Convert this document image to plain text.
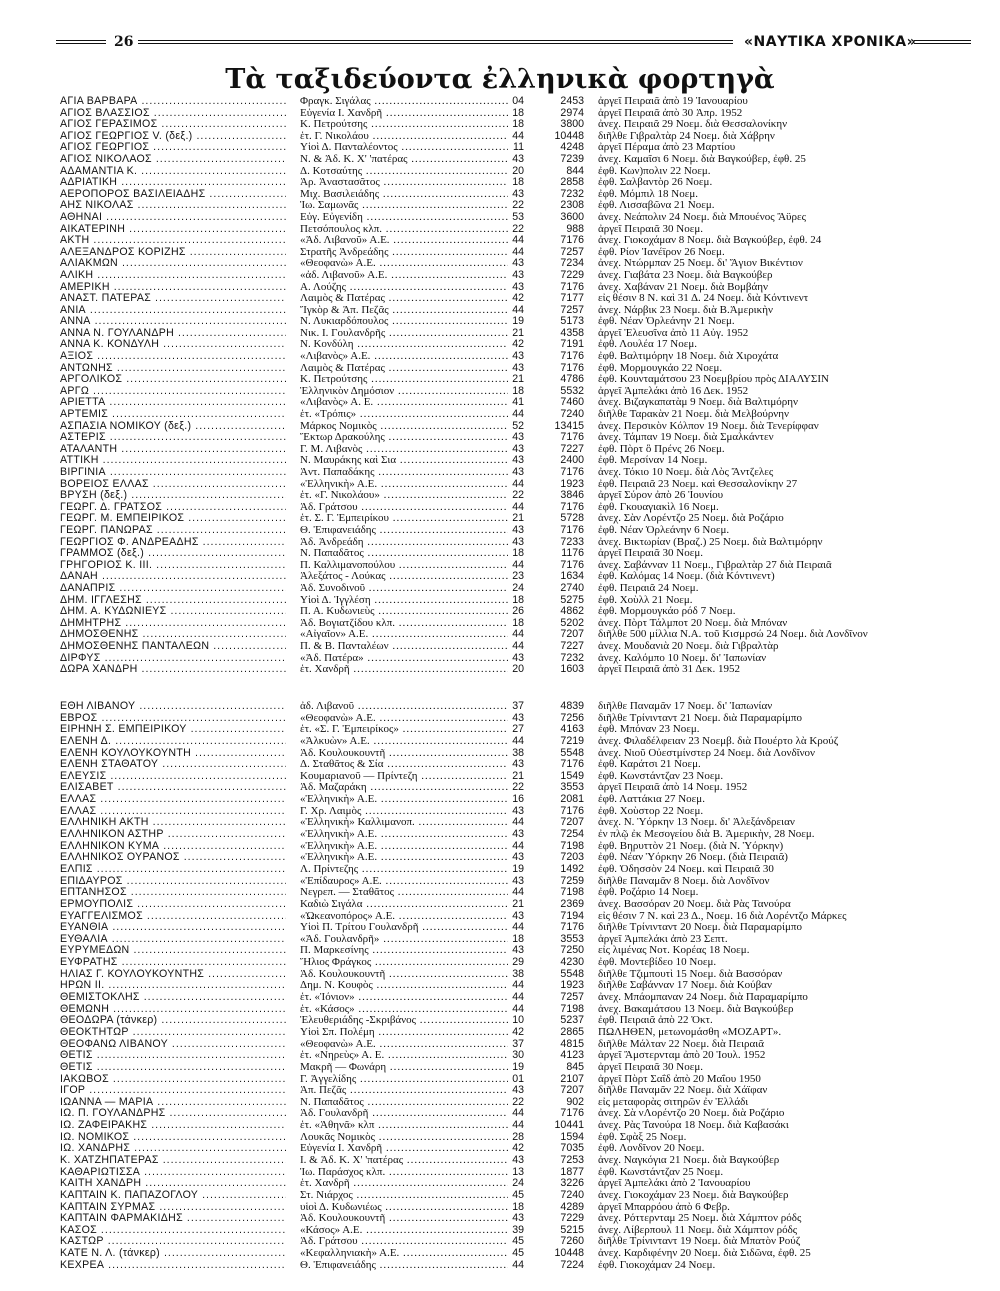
26	«ΝΑΥΤΙΚΑ ΧΡΟΝΙΚΑ»
Τὰ ταξιδεύοντα ἐλληνικὰ φορτηγὰ
ΑΓΙΑ ΒΑΡΒΑΡΑ .....	Φραγκ. Σιγάλας .....	04	2453 ἀργεῖ Πειραιᾶ ἀπὸ 19 Ἰανουαρίου
ΑΓΙΟΣ ΒΛΑΣΣΙΟΣ .....	Εὐγενία Ι. Χανδρῆ .....	18	2974 ἀργεῖ Πειραιᾶ ἀπὸ 30 Ἀπρ. 1952
ΑΓΙΟΣ ΓΕΡΑΣΙΜΟΣ .....	Κ. Πετρούτσης .....	18	3800 ἀνεχ. Πειραιᾶ 29 Νοεμ. διὰ Θεσσαλονίκην
ΑΓΙΟΣ ΓΕΩΡΓΙΟΣ V. (δεξ.) .....	ἑτ. Γ. Νικολάου .....	44	10448 διῆλθε Γιβραλτὰρ 24 Νοεμ. διὰ Χάβρην
ΑΓΙΟΣ ΓΕΩΡΓΙΟΣ .....	Υἱοὶ Δ. Πανταλέοντος .....	11	4248 ἀργεῖ Πέραμα ἀπὸ 23 Μαρτίου
ΑΓΙΟΣ ΝΙΚΟΛΑΟΣ .....	Ν. & Ἀδ. Κ. Χ' 'πατέρας .....	43	7239 ἀνεχ. Καμαῖσι 6 Νοεμ. διὰ Βαγκούβερ, ἐφθ. 25
ΑΔΑΜΑΝΤΙΑ Κ. .....	Δ. Κοτσαύτης .....	20	844 ἐφθ. Κων)πολιν 22 Νοεμ.
ΑΔΡΙΑΤΙΚΗ .....	Ἀρ. Ἀναστασᾶτος .....	18	2858 ἐφθ. Σαλβαντὸρ 26 Νοεμ.
ΑΕΡΟΠΟΡΟΣ ΒΑΣΙΛΕΙΑΔΗΣ .....	Μιχ. Βασιλειάδης .....	43	7232 ἐφθ. Μόμπιλ 18 Νοεμ.
ΑΗΣ ΝΙΚΟΛΑΣ .....	Ἰω. Σαμωνᾶς .....	22	2308 ἐφθ. Λισσαβῶνα 21 Νοεμ.
ΑΘΗΝΑΙ .....	Εὐγ. Εὐγενίδη .....	53	3600 ἀνεχ. Νεάπολιν 24 Νοεμ. διὰ Μπουένος Ἄϋρες
ΑΙΚΑΤΕΡΙΝΗ .....	Πετσόπουλος κλπ. .....	22	988 ἀργεῖ Πειραιᾶ 30 Νοεμ.
ΑΚΤΗ .....	«Ἀδ. Λιβανοῦ» Α.Ε. .....	44	7176 ἀνεχ. Γιοκοχάμαν 8 Νοεμ. διὰ Βαγκούβερ, ἐφθ. 24
ΑΛΕΞΑΝΔΡΟΣ ΚΟΡΙΖΗΣ .....	Στρατῆς Ἀνδρεάδης .....	44	7257 ἐφθ. Ρίον Ἰανέϊρον 26 Νοεμ.
ΑΛΙΑΚΜΩΝ .....	«Θεοφανὼ» Α.Ε. .....	43	7234 ἀνεχ. Ντώρμπαν 25 Νοεμ. δι' Ἅγιον Βικέντιον
ΑΛΙΚΗ .....	«ἀδ. Λιβανοῦ» Α.Ε. .....	43	7229 ἀνεχ. Γιαβάτα 23 Νοεμ. διὰ Βαγκούβερ
ΑΜΕΡΙΚΗ .....	Α. Λούζης .....	43	7176 ἀνεχ. Χαβάναν 21 Νοεμ. διὰ Βομβάην
ΑΝΑΣΤ. ΠΑΤΕΡΑΣ .....	Λαιμὸς & Πατέρας .....	42	7177 εἰς θέσιν 8 Ν. καὶ 31 Δ. 24 Νοεμ. διὰ Κόντινεντ
ΑΝΙΑ .....	Ἴγκὸρ & Ἀπ. Πεζᾶς .....	44	7257 ἀνεχ. Νάρβικ 23 Νοεμ. διὰ Β.Ἀμερικὴν
ΑΝΝΑ .....	Ν. Λυκιαρδόπουλος .....	19	5173 ἐφθ. Νέαν Ὀρλεάνην 21 Νοεμ.
ΑΝΝΑ Ν. ΓΟΥΛΑΝΔΡΗ .....	Νικ. Ι. Γουλανδρῆς .....	21	4358 ἀργεῖ Ἐλευσῖνα ἀπὸ 11 Αὐγ. 1952
ΑΝΝΑ Κ. ΚΟΝΔΥΛΗ .....	Ν. Κονδύλη .....	42	7191 ἐφθ. Λουλέα 17 Νοεμ.
ΑΞΙΟΣ .....	«Λιβανὸς» Α.Ε. .....	43	7176 ἐφθ. Βαλτιμόρην 18 Νοεμ. διὰ Χιροχάτα
ΑΝΤΩΝΗΣ .....	Λαιμὸς & Πατέρας .....	43	7176 ἐφθ. Μορμουγκάο 22 Νοεμ.
ΑΡΓΟΛΙΚΟΣ .....	Κ. Πετρούτσης .....	21	4786 ἐφθ. Κουνταμάτσου 23 Νοεμβρίου πρὸς ΔΙΑΛΥΣΙΝ
ΑΡΓΩ .....	Ἑλληνικὸν Δημόσιον .....	18	5532 ἀργεῖ Ἀμπελάκι ἀπὸ 16 Δεκ. 1952
ΑΡΙΕΤΤΑ .....	«Λιβανὸς» Α. Ε. .....	41	7460 ἀνεχ. Βιζαγκαπατὰμ 9 Νοεμ. διὰ Βαλτιμόρην
ΑΡΤΕΜΙΣ .....	ἑτ. «Τρόπις» .....	44	7240 διῆλθε Ταρακὰν 21 Νοεμ. διὰ Μελβούρνην
ΑΣΠΑΣΙΑ ΝΟΜΙΚΟΥ (δεξ.) .....	Μάρκος Νομικὸς .....	52	13415 ἀνεχ. Περσικὸν Κόλπον 19 Νοεμ. διὰ Τενερίφφαν
ΑΣΤΕΡΙΣ .....	Ἕκτωρ Δρακούλης .....	43	7176 ἀνεχ. Τάμπαν 19 Νοεμ. διὰ Σμαλκάντεν
ΑΤΑΛΑΝΤΗ .....	Γ. Μ. Λιβανὸς .....	43	7227 ἐφθ. Πὸρτ ὃ Πρένς 26 Νοεμ.
ΑΤΤΙΚΗ .....	Ν. Μαυράκης καὶ Σια .....	43	2400 ἐφθ. Μερσίναν 14 Νοεμ.
ΒΙΡΓΙΝΙΑ .....	Ἀντ. Παπαδάκης .....	43	7176 ἀνεχ. Τόκιο 10 Νοεμ. διὰ Λὸς Ἄντζελες
ΒΟΡΕΙΟΣ ΕΛΛΑΣ .....	«Ἑλληνικὴ» Α.Ε. .....	44	1923 ἐφθ. Πειραιᾶ 23 Νοεμ. καὶ Θεσσαλονίκην 27
ΒΡΥΣΗ (δεξ.) .....	ἑτ. «Γ. Νικολάου» .....	22	3846 ἀργεῖ Σύρον ἀπὸ 26 Ἰουνίου
ΓΕΩΡΓ. Δ. ΓΡΑΤΣΟΣ .....	Ἀδ. Γράτσου .....	44	7176 ἐφθ. Γκουαγιακὶλ 16 Νοεμ.
ΓΕΩΡΓ. Μ. ΕΜΠΕΙΡΙΚΟΣ .....	ἑτ. Σ. Γ. Ἐμπειρίκου .....	21	5728 ἀνεχ. Σὰν Λορέντζο 25 Νοεμ. διὰ Ροζάριο
ΓΕΩΡΓ. ΠΑΝΩΡΑΣ .....	Θ. Ἐπιφανειάδης .....	43	7176 ἐφθ. Νέαν Ὀρλεάνην 6 Νοεμ.
ΓΕΩΡΓΙΟΣ Φ. ΑΝΔΡΕΑΔΗΣ .....	Ἀδ. Ἀνδρεάδη .....	43	7233 ἀνεχ. Βικτωρίαν (Βραζ.) 25 Νοεμ. διὰ Βαλτιμόρην
ΓΡΑΜΜΟΣ (δεξ.) .....	Ν. Παπαδᾶτος .....	18	1176 ἀργεῖ Πειραιᾶ 30 Νοεμ.
ΓΡΗΓΟΡΙΟΣ Κ. ΙΙΙ. .....	Π. Καλλιμανοπούλου .....	44	7176 ἀνεχ. Σαβάνναν 11 Νοεμ., Γιβραλτὰρ 27 διὰ Πειραιᾶ
ΔΑΝΑΗ .....	Ἀλεξάτος - Λούκας .....	23	1634 ἐφθ. Καλόμας 14 Νοεμ. (διὰ Κόντινεντ)
ΔΑΝΑΠΡΙΣ .....	Ἀδ. Συνοδινοῦ .....	24	2740 ἐφθ. Πειραιᾶ 24 Νοεμ.
ΔΗΜ. ΙΓΓΛΕΣΗΣ .....	Υἱοὶ Δ. Ἰγγλέση .....	18	5275 ἐφθ. Χοὺλλ 21 Νοεμ.
ΔΗΜ. Α. ΚΥΔΩΝΙΕΥΣ .....	Π. Α. Κυδωνιεὺς .....	26	4862 ἐφθ. Μορμουγκάο ρόδ 7 Νοεμ.
ΔΗΜΗΤΡΗΣ .....	Ἀδ. Βογιατζίδου κλπ. .....	18	5202 ἀνεχ. Πὸρτ Τάλμποτ 20 Νοεμ. διὰ Μπόναν
ΔΗΜΟΣΘΕΝΗΣ .....	«Αἰγαῖον» Α.Ε. .....	44	7207 διῆλθε 500 μίλλια Ν.Α. τοῦ Κισμρσώ 24 Νοεμ. διὰ Λονδῖνον
ΔΗΜΟΣΘΕΝΗΣ ΠΑΝΤΑΛΕΩΝ .....	Π. & Β. Πανταλέων .....	44	7227 ἀνεχ. Μουδανιὰ 20 Νοεμ. διὰ Γιβραλτὰρ
ΔΙΡΦΥΣ .....	«Ἀδ. Πατέρα» .....	43	7232 ἀνεχ. Καλόμπο 10 Νοεμ. δι' Ἰαπωνίαν
ΔΩΡΑ ΧΑΝΔΡΗ .....	ἑτ. Χανδρῆ .....	20	1603 ἀργεῖ Πειραιᾶ ἀπὸ 31 Δεκ. 1952
ΕΘΗ ΛΙΒΑΝΟΥ .....	ἀδ. Λιβανοῦ .....	37	4839 διῆλθε Παναμᾶν 17 Νοεμ. δι' Ἰαπωνίαν
ΕΒΡΟΣ .....	«Θεοφανὼ» Α.Ε. .....	43	7256 διῆλθε Τρίνινταντ 21 Νοεμ. διὰ Παραμαρίμπο
ΕΙΡΗΝΗ Σ. ΕΜΠΕΙΡΙΚΟΥ .....	ἑτ. «Σ. Γ. Ἐμπειρίκος» .....	27	4163 ἐφθ. Μπόναν 23 Νοεμ.
ΕΛΕΝΗ Δ. .....	«Ἀλκυὼν» Α.Ε. .....	44	7219 ἀνεχ. Φιλαδέλφειαν 23 Νοεμβ. διὰ Πουέρτο λὰ Κρούζ
ΕΛΕΝΗ ΚΟΥΛΟΥΚΟΥΝΤΗ .....	Ἀδ. Κουλουκουντῆ .....	38	5548 ἀνεχ. Νιοῦ Οὐεστμίνστερ 24 Νοεμ. διὰ Λονδῖνον
ΕΛΕΝΗ ΣΤΑΘΑΤΟΥ .....	Δ. Σταθᾶτος & Σία .....	43	7176 ἐφθ. Καράτσι 21 Νοεμ.
ΕΛΕΥΣΙΣ .....	Κουμαριανοῦ — Πρίντεζη .....	21	1549 ἐφθ. Κωνστάντζαν 23 Νοεμ.
ΕΛΙΣΑΒΕΤ .....	Ἀδ. Μαζαράκη .....	22	3553 ἀργεῖ Πειραιᾶ ἀπὸ 14 Νοεμ. 1952
ΕΛΛΑΣ .....	«Ἑλληνικὴ» Α.Ε. .....	16	2081 ἐφθ. Λαττάκια 27 Νοεμ.
ΕΛΛΑΣ .....	Γ. Χρ. Λαιμὸς .....	43	7176 ἐφθ. Χοὺστορ 22 Νοεμ.
ΕΛΛΗΝΙΚΗ ΑΚΤΗ .....	«Ἑλληνικὴ» Καλλιμανοπ. .....	44	7207 ἀνεχ. Ν. Ὑόρκην 13 Νοεμ. δι' Ἀλεξάνδρειαν
ΕΛΛΗΝΙΚΟΝ ΑΣΤΗΡ .....	«Ἑλληνικὴ» Α.Ε. .....	43	7254 ἐν πλῷ ἐκ Μεσογείου διὰ Β. Ἀμερικὴν, 28 Νοεμ.
ΕΛΛΗΝΙΚΟΝ ΚΥΜΑ .....	«Ἑλληνικὴ» Α.Ε. .....	44	7198 ἐφθ. Βηρυττὸν 21 Νοεμ. (διὰ Ν. Ὑόρκην)
ΕΛΛΗΝΙΚΟΣ ΟΥΡΑΝΟΣ .....	«Ἑλληνικὴ» Α.Ε. .....	43	7203 ἐφθ. Νέαν Ὑόρκην 26 Νοεμ. (διὰ Πειραιᾶ)
ΕΛΠΙΣ .....	Λ. Πρίντεζης .....	19	1492 ἐφθ. Ὀδησσὸν 24 Νοεμ. καὶ Πειραιᾶ 30
ΕΠΙΔΑΥΡΟΣ .....	«Ἐπίδαυρος» Α.Ε. .....	43	7259 διῆλθε Παναμᾶν 8 Νοεμ. διὰ Λονδῖνον
ΕΠΤΑΝΗΣΟΣ .....	Νεγρεπ. — Σταθᾶτος .....	44	7198 ἐφθ. Ροζάριο 14 Νοεμ.
ΕΡΜΟΥΠΟΛΙΣ .....	Καδιὼ Σιγάλα .....	21	2369 ἀνεχ. Βασσόραν 20 Νοεμ. διὰ Ρὰς Τανούρα
ΕΥΑΓΓΕΛΙΣΜΟΣ .....	«Ὠκεανοπόρος» Α.Ε. .....	43	7194 εἰς θέσιν 7 Ν. καὶ 23 Δ., Νοεμ. 16 διὰ Λορέντζο Μάρκες
ΕΥΑΝΘΙΑ .....	Υἱοὶ Π. Τρίτου Γουλανδρῆ .....	44	7176 διῆλθε Τρίνινταντ 20 Νοεμ. διὰ Παραμαρίμπο
ΕΥΘΑΛΙΑ .....	«Ἀδ. Γουλανδρῆ» .....	18	3553 ἀργεῖ Ἀμπελάκι ἀπὸ 23 Σεπτ.
ΕΥΡΥΜΕΔΩΝ .....	Π. Μαρκεσίνης .....	43	7250 εἰς λιμένας Νοτ. Κορέας 18 Νοεμ.
ΕΥΦΡΑΤΗΣ .....	Ἥλιος Φράγκος .....	29	4230 ἐφθ. Μοντεβίδεο 10 Νοεμ.
ΗΛΙΑΣ Γ. ΚΟΥΛΟΥΚΟΥΝΤΗΣ .....	Ἀδ. Κουλουκουντῆ .....	38	5548 διῆλθε Τζιμπουτὶ 15 Νοεμ. διὰ Βασσόραν
ΗΡΩΝ ΙΙ. .....	Δημ. Ν. Κουφὸς .....	44	1923 διῆλθε Σαβάνναν 17 Νοεμ. διὰ Κούβαν
ΘΕΜΙΣΤΟΚΛΗΣ .....	ἑτ. «Ἰόνιον» .....	44	7257 ἀνεχ. Μπάομπαναν 24 Νοεμ. διὰ Παραμαρίμπο
ΘΕΜΩΝΗ .....	ἑτ. «Κάσος» .....	44	7198 ἀνεχ. Βακαμάτσου 13 Νοεμ. διὰ Βαγκούβερ
ΘΕΟΔΩΡΑ (τάνκερ) .....	Ἐλευθεριάδης -Σκριβάνος .....	10	5237 ἐφθ. Πειραιᾶ ἀπὸ 22 Ὀκτ.
ΘΕΟΚΤΗΤΩΡ .....	Υἱοὶ Σπ. Πολέμη .....	42	2865 ΠΩΛΗΘΕΝ, μετωνομάσθη «ΜΟΖΑΡΤ».
ΘΕΟΦΑΝΩ ΛΙΒΑΝΟΥ .....	«Θεοφανὼ» Α.Ε. .....	37	4815 διῆλθε Μάλταν 22 Νοεμ. διὰ Πειραιᾶ
ΘΕΤΙΣ .....	ἑτ. «Νηρεὺς» Α. Ε. .....	30	4123 ἀργεῖ Ἄμστερνταμ ἀπὸ 20 Ἰουλ. 1952
ΘΕΤΙΣ .....	Μακρῆ — Φωνάρη .....	19	845 ἀργεῖ Πειραιᾶ 30 Νοεμ.
ΙΑΚΩΒΟΣ .....	Γ. Ἀγγελίδης .....	01	2107 ἀργεῖ Πὸρτ Σαΐδ ἀπὸ 20 Μαΐου 1950
ΙΓΟΡ .....	Ἀπ. Πεζᾶς .....	43	7207 διῆλθε Παναμᾶν 22 Νοεμ. διὰ Χάϊφαν
ΙΩΑΝΝΑ — ΜΑΡΙΑ .....	Ν. Παπαδᾶτος .....	22	902 εἰς μεταφορὰς σιτηρῶν ἐν Ἑλλάδι
ΙΩ. Π. ΓΟΥΛΑΝΔΡΗΣ .....	Ἀδ. Γουλανδρῆ .....	44	7176 ἀνεχ. Σὰ νΛορέντζο 20 Νοεμ. διὰ Ροζάριο
ΙΩ. ΖΑΦΕΙΡΑΚΗΣ .....	ἑτ. «Ἀθηνᾶ» κλπ .....	44	10441 ἀνεχ. Ρὰς Τανούρα 18 Νοεμ. διὰ Καβασάκι
ΙΩ. ΝΟΜΙΚΟΣ .....	Λουκᾶς Νομικὸς .....	28	1594 ἐφθ. Σφὰξ 25 Νοεμ.
ΙΩ. ΧΑΝΔΡΗΣ .....	Εὐγενία Ι. Χανδρῆ .....	42	7035 ἐφθ. Λονδῖνον 20 Νοεμ.
Κ. ΧΑΤΖΗΠΑΤΕΡΑΣ .....	Ι. & Ἀδ. Κ. Χ' 'πατέρας .....	43	7253 ἀνεχ. Ναγκόγια 21 Νοεμ. διὰ Βαγκούβερ
ΚΑΘΑΡΙΩΤΙΣΣΑ .....	Ἰω. Παράσχος κλπ. .....	13	1877 ἐφθ. Κωνστάντζαν 25 Νοεμ.
ΚΑΙΤΗ ΧΑΝΔΡΗ .....	ἑτ. Χανδρῆ .....	24	3226 ἀργεῖ Ἀμπελάκι ἀπὸ 2 Ἰανουαρίου
ΚΑΠΤΑΙΝ Κ. ΠΑΠΑΖΟΓΛΟΥ .....	Στ. Νιάρχος .....	45	7240 ἀνεχ. Γιοκοχάμαν 23 Νοεμ. διὰ Βαγκούβερ
ΚΑΠΤΑΙΝ ΣΥΡΜΑΣ .....	υἱοὶ Δ. Κυδωνιέως .....	18	4289 ἀργεῖ Μπαρρόου ἀπὸ 6 Φεβρ.
ΚΑΠΤΑΙΝ ΦΑΡΜΑΚΙΔΗΣ .....	Ἀδ. Κουλουκουντῆ .....	43	7229 ἀνεχ. Ρόττερνταμ 25 Νοεμ. διὰ Χάμπτον ρόδς
ΚΑΣΟΣ .....	«Κάσος» Α.Ε. .....	39	5215 ἀνεχ. Λίβερπουλ 11 Νοεμ. διὰ Χάμπτον ρόδς
ΚΑΣΤΩΡ .....	Ἀδ. Γράτσου .....	45	7260 διῆλθε Τρίνινταντ 19 Νοεμ. διὰ Μπατὸν Ρούζ
ΚΑΤΕ Ν. Λ. (τάνκερ) .....	«Κεφαλληνιακὴ» Α.Ε. .....	45	10448 ἀνεχ. Καρδιφένην 20 Νοεμ. διὰ Σιδῶνα, ἐφθ. 25
ΚΕΧΡΕΑ .....	Θ. Ἐπιφανειάδης .....	44	7224 ἐφθ. Γιοκοχάμαν 24 Νοεμ.
